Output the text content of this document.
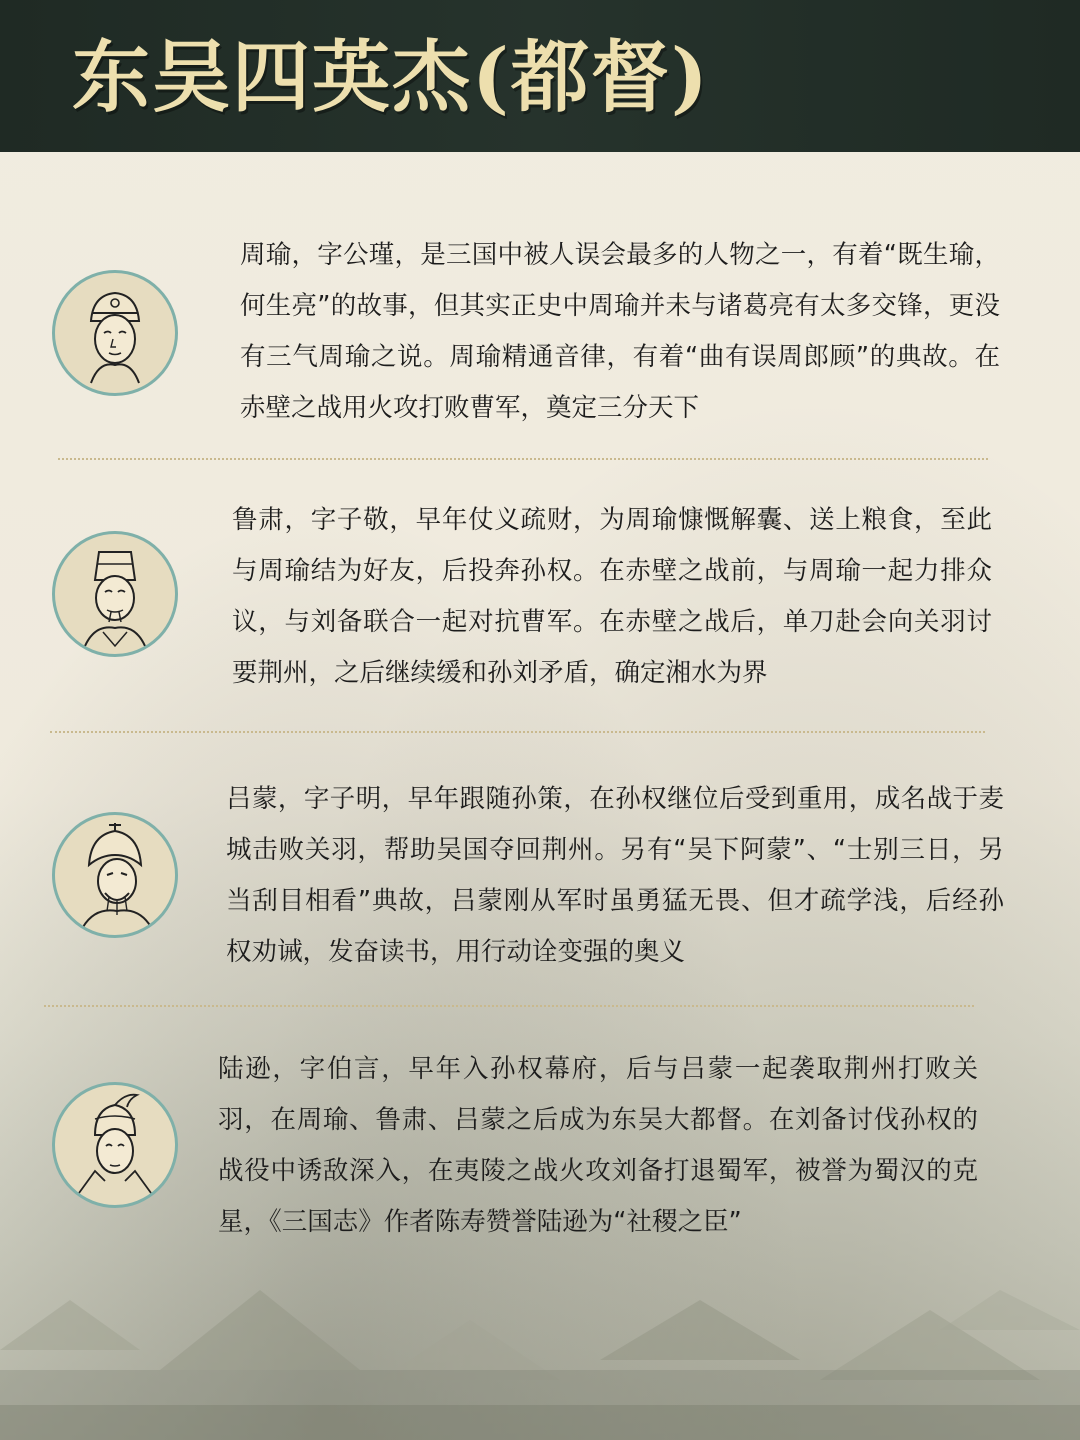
东吴四英杰(都督)

周瑜，字公瑾，是三国中被人误会最多的人物之一，有着“既生瑜，何生亮”的故事，但其实正史中周瑜并未与诸葛亮有太多交锋，更没有三气周瑜之说。周瑜精通音律，有着“曲有误周郎顾”的典故。在赤壁之战用火攻打败曹军，奠定三分天下

鲁肃，字子敬，早年仗义疏财，为周瑜慷慨解囊、送上粮食，至此与周瑜结为好友，后投奔孙权。在赤壁之战前，与周瑜一起力排众议，与刘备联合一起对抗曹军。在赤壁之战后，单刀赴会向关羽讨要荆州，之后继续缓和孙刘矛盾，确定湘水为界

吕蒙，字子明，早年跟随孙策，在孙权继位后受到重用，成名战于麦城击败关羽，帮助吴国夺回荆州。另有“吴下阿蒙”、“士别三日，另当刮目相看”典故，吕蒙刚从军时虽勇猛无畏、但才疏学浅，后经孙权劝诫，发奋读书，用行动诠变强的奥义

陆逊，字伯言，早年入孙权幕府，后与吕蒙一起袭取荆州打败关羽，在周瑜、鲁肃、吕蒙之后成为东吴大都督。在刘备讨伐孙权的战役中诱敌深入，在夷陵之战火攻刘备打退蜀军，被誉为蜀汉的克星，《三国志》作者陈寿赞誉陆逊为“社稷之臣”
